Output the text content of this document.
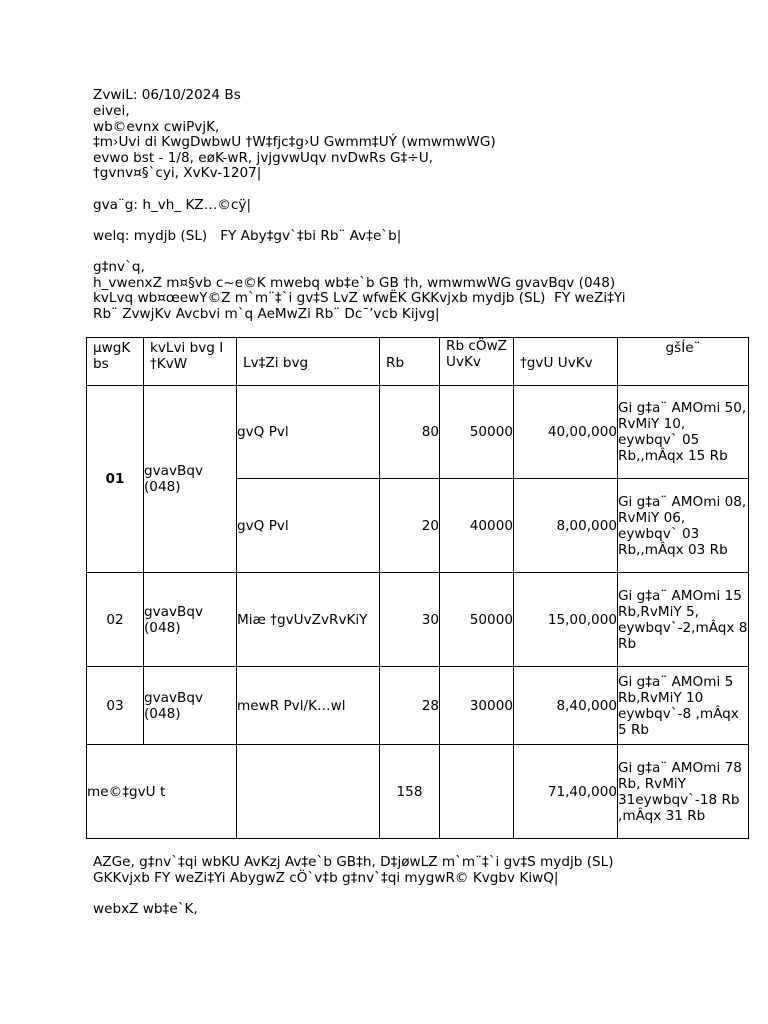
ZvwiL: 06/10/2024 Bs
eivei,
wb©evnx cwiPvjK,
‡m›Uvi di KwgDwbwU †W‡fjc‡g›U Gwmm‡UÝ (wmwmwWG)
evwo bst - 1/8, eøK-wR, jvjgvwUqv nvDwRs G‡÷U,
†gvnv¤§`cyi, XvKv-1207|
gva¨g: h_vh_ KZ…©cÿ|
welq: mydjb (SL)   FY Aby‡gv`‡bi Rb¨ Av‡e`b|
g‡nv`q,
h_vwenxZ m¤§vb c~e©K mwebq wb‡e`b GB †h, wmwmwWG gvavBqv (048)
kvLvq wb¤œewY©Z m`m¨‡`i gv‡S LvZ wfwËK GKKvjxb mydjb (SL)  FY weZi‡Yi
Rb¨ ZvwjKv Avcbvi m`q AeMwZi Rb¨ Dc¯’vcb Kijvg|
µwgK bs	kvLvi bvg I †KvW	Lv‡Zi bvg	Rb	Rb cÖwZ UvKv	†gvU UvKv	gšÍe¨
01	gvavBqv (048)	gvQ Pvl	80	50000	40,00,000	Gi g‡a¨ AMOmi 50, RvMiY 10, eywbqv` 05 Rb,,mÂqx 15 Rb
		gvQ Pvl	20	40000	8,00,000	Gi g‡a¨ AMOmi 08, RvMiY 06, eywbqv` 03 Rb,,mÂqx 03 Rb
02	gvavBqv (048)	Miæ †gvUvZvRvKiY	30	50000	15,00,000	Gi g‡a¨ AMOmi 15 Rb,RvMiY 5, eywbqv`-2,mÂqx 8 Rb
03	gvavBqv (048)	mewR Pvl/K…wl	28	30000	8,40,000	Gi g‡a¨ AMOmi 5 Rb,RvMiY 10 eywbqv`-8 ,mÂqx 5 Rb
me©‡gvU t			158		71,40,000	Gi g‡a¨ AMOmi 78 Rb, RvMiY 31eywbqv`-18 Rb ,mÂqx 31 Rb
AZGe, g‡nv`‡qi wbKU AvKzj Av‡e`b GB‡h, D‡jøwLZ m`m¨‡`i gv‡S mydjb (SL)
GKKvjxb FY weZi‡Yi AbygwZ cÖ`v‡b g‡nv`‡qi mygwR© Kvgbv KiwQ|
webxZ wb‡e`K,
